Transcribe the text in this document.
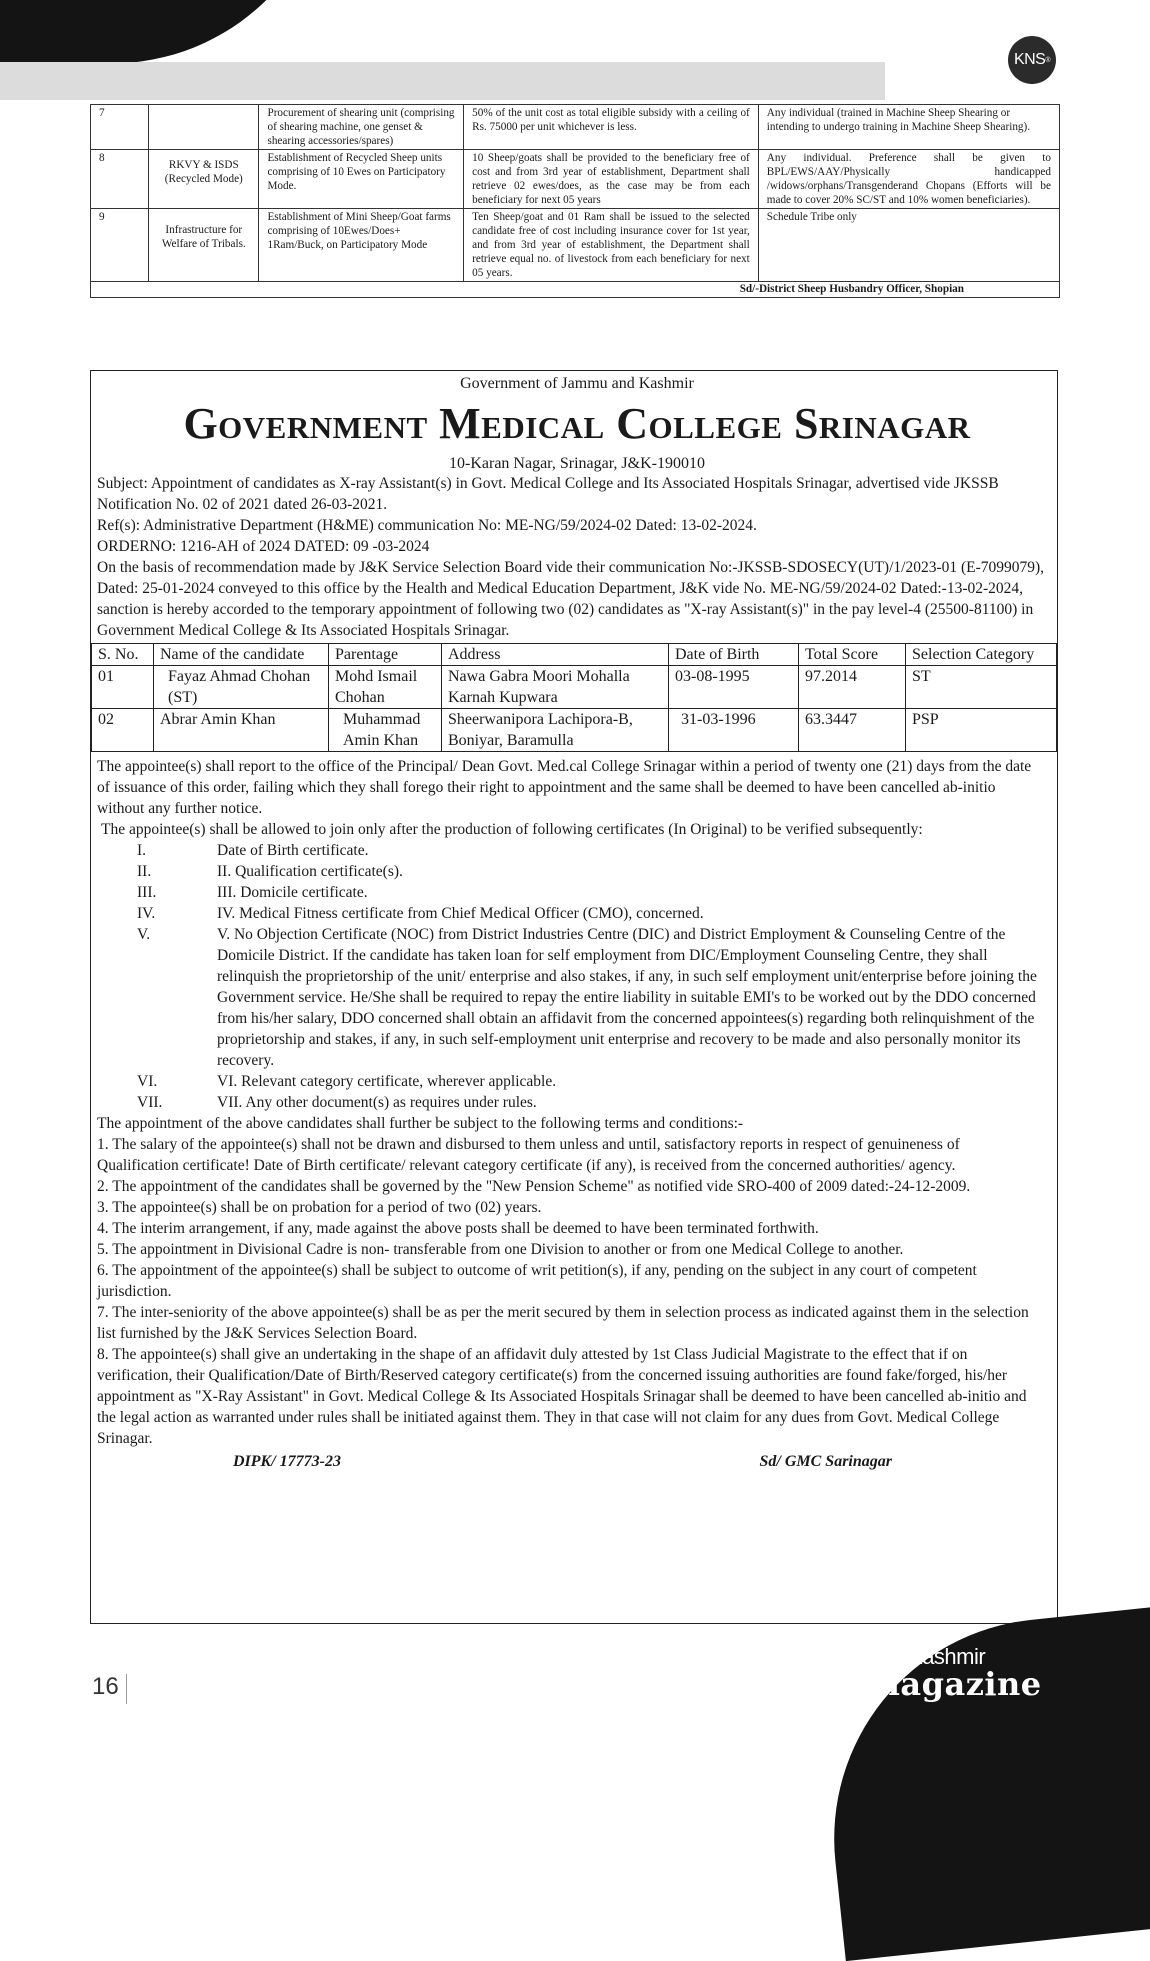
KNS ®
7		Procurement of shearing unit (comprising of shearing machine, one genset & shearing accessories/spares)	50% of the unit cost as total eligible subsidy with a ceiling of Rs. 75000 per unit whichever is less.	Any individual (trained in Machine Sheep Shearing or intending to undergo training in Machine Sheep Shearing).
8	RKVY & ISDS (Recycled Mode)	Establishment of Recycled Sheep units comprising of 10 Ewes on Participatory Mode.	10 Sheep/goats shall be provided to the beneficiary free of cost and from 3rd year of establishment, Department shall retrieve 02 ewes/does, as the case may be from each beneficiary for next 05 years	Any individual. Preference shall be given to BPL/EWS/AAY/Physically handicapped /widows/orphans/Transgenderand Chopans (Efforts will be made to cover 20% SC/ST and 10% women beneficiaries).
9	Infrastructure for Welfare of Tribals.	Establishment of Mini Sheep/Goat farms comprising of 10Ewes/Does+ 1Ram/Buck, on Participatory Mode	Ten Sheep/goat and 01 Ram shall be issued to the selected candidate free of cost including insurance cover for 1st year, and from 3rd year of establishment, the Department shall retrieve equal no. of livestock from each beneficiary for next 05 years.	Schedule Tribe only
Sd/-District Sheep Husbandry Officer, Shopian
Government of Jammu and Kashmir
Government Medical College Srinagar
10-Karan Nagar, Srinagar, J&K-190010
Subject: Appointment of candidates as X-ray Assistant(s) in Govt. Medical College and Its Associated Hospitals Srinagar, advertised vide JKSSB Notification No. 02 of 2021 dated 26-03-2021.
Ref(s): Administrative Department (H&ME) communication No: ME-NG/59/2024-02 Dated: 13-02-2024.
ORDERNO: 1216-AH of 2024 DATED: 09 -03-2024
On the basis of recommendation made by J&K Service Selection Board vide their communication No:-JKSSB-SDOSECY(UT)/1/2023-01 (E-7099079), Dated: 25-01-2024 conveyed to this office by the Health and Medical Education Department, J&K vide No. ME-NG/59/2024-02 Dated:-13-02-2024, sanction is hereby accorded to the temporary appointment of following two (02) candidates as "X-ray Assistant(s)" in the pay level-4 (25500-81100) in Government Medical College & Its Associated Hospitals Srinagar.
S. No.	Name of the candidate	Parentage	Address	Date of Birth	Total Score	Selection Category
01	Fayaz Ahmad Chohan (ST)	Mohd Ismail Chohan	Nawa Gabra Moori Mohalla Karnah Kupwara	03-08-1995	97.2014	ST
02	Abrar Amin Khan	Muhammad Amin Khan	Sheerwanipora Lachipora-B, Boniyar, Baramulla	31-03-1996	63.3447	PSP
The appointee(s) shall report to the office of the Principal/ Dean Govt. Med.cal College Srinagar within a period of twenty one (21) days from the date of issuance of this order, failing which they shall forego their right to appointment and the same shall be deemed to have been cancelled ab-initio without any further notice.
The appointee(s) shall be allowed to join only after the production of following certificates (In Original) to be verified subsequently:
I.	Date of Birth certificate.
II.	II. Qualification certificate(s).
III.	III. Domicile certificate.
IV.	IV. Medical Fitness certificate from Chief Medical Officer (CMO), concerned.
V.	V. No Objection Certificate (NOC) from District Industries Centre (DIC) and District Employment & Counseling Centre of the Domicile District. If the candidate has taken loan for self employment from DIC/Employment Counseling Centre, they shall relinquish the proprietorship of the unit/ enterprise and also stakes, if any, in such self employment unit/enterprise before joining the Government service. He/She shall be required to repay the entire liability in suitable EMI's to be worked out by the DDO concerned from his/her salary, DDO concerned shall obtain an affidavit from the concerned appointees(s) regarding both relinquishment of the proprietorship and stakes, if any, in such self-employment unit enterprise and recovery to be made and also personally monitor its recovery.
VI.	VI. Relevant category certificate, wherever applicable.
VII.	VII. Any other document(s) as requires under rules.
The appointment of the above candidates shall further be subject to the following terms and conditions:-
1. The salary of the appointee(s) shall not be drawn and disbursed to them unless and until, satisfactory reports in respect of genuineness of Qualification certificate! Date of Birth certificate/ relevant category certificate (if any), is received from the concerned authorities/ agency.
2. The appointment of the candidates shall be governed by the "New Pension Scheme" as notified vide SRO-400 of 2009 dated:-24-12-2009.
3. The appointee(s) shall be on probation for a period of two (02) years.
4. The interim arrangement, if any, made against the above posts shall be deemed to have been terminated forthwith.
5. The appointment in Divisional Cadre is non- transferable from one Division to another or from one Medical College to another.
6. The appointment of the appointee(s) shall be subject to outcome of writ petition(s), if any, pending on the subject in any court of competent jurisdiction.
7. The inter-seniority of the above appointee(s) shall be as per the merit secured by them in selection process as indicated against them in the selection list furnished by the J&K Services Selection Board.
8. The appointee(s) shall give an undertaking in the shape of an affidavit duly attested by 1st Class Judicial Magistrate to the effect that if on verification, their Qualification/Date of Birth/Reserved category certificate(s) from the concerned issuing authorities are found fake/forged, his/her appointment as "X-Ray Assistant" in Govt. Medical College & Its Associated Hospitals Srinagar shall be deemed to have been cancelled ab-initio and the legal action as warranted under rules shall be initiated against them. They in that case will not claim for any dues from Govt. Medical College Srinagar.
DIPK/ 17773-23	Sd/ GMC Sarinagar
16
The Kashmir
magazine
